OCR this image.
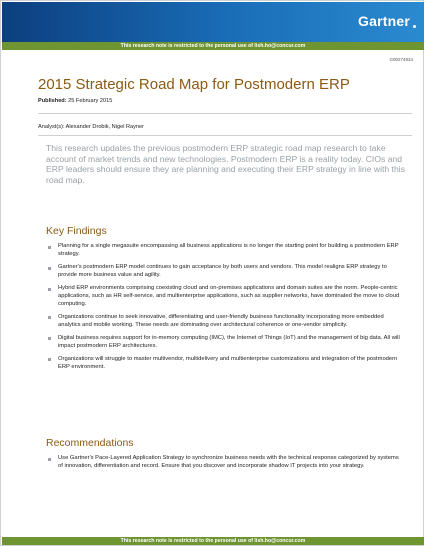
Gartner
This research note is restricted to the personal use of lish.ho@concur.com
G00274934
2015 Strategic Road Map for Postmodern ERP
Published: 25 February 2015
Analyst(s): Alexander Drobik, Nigel Rayner
This research updates the previous postmodern ERP strategic road map research to take account of market trends and new technologies. Postmodern ERP is a reality today. CIOs and ERP leaders should ensure they are planning and executing their ERP strategy in line with this road map.
Key Findings
Planning for a single megasuite encompassing all business applications is no longer the starting point for building a postmodern ERP strategy.
Gartner's postmodern ERP model continues to gain acceptance by both users and vendors. This model realigns ERP strategy to provide more business value and agility.
Hybrid ERP environments comprising coexisting cloud and on-premises applications and domain suites are the norm. People-centric applications, such as HR self-service, and multienterprise applications, such as supplier networks, have dominated the move to cloud computing.
Organizations continue to seek innovative, differentiating and user-friendly business functionality incorporating more embedded analytics and mobile working. These needs are dominating over architectural coherence or one-vendor simplicity.
Digital business requires support for in-memory computing (IMC), the Internet of Things (IoT) and the management of big data. All will impact postmodern ERP architectures.
Organizations will struggle to master multivendor, multidelivery and multienterprise customizations and integration of the postmodern ERP environment.
Recommendations
Use Gartner's Pace-Layered Application Strategy to synchronize business needs with the technical response categorized by systems of innovation, differentiation and record. Ensure that you discover and incorporate shadow IT projects into your strategy.
This research note is restricted to the personal use of lish.ho@concur.com
